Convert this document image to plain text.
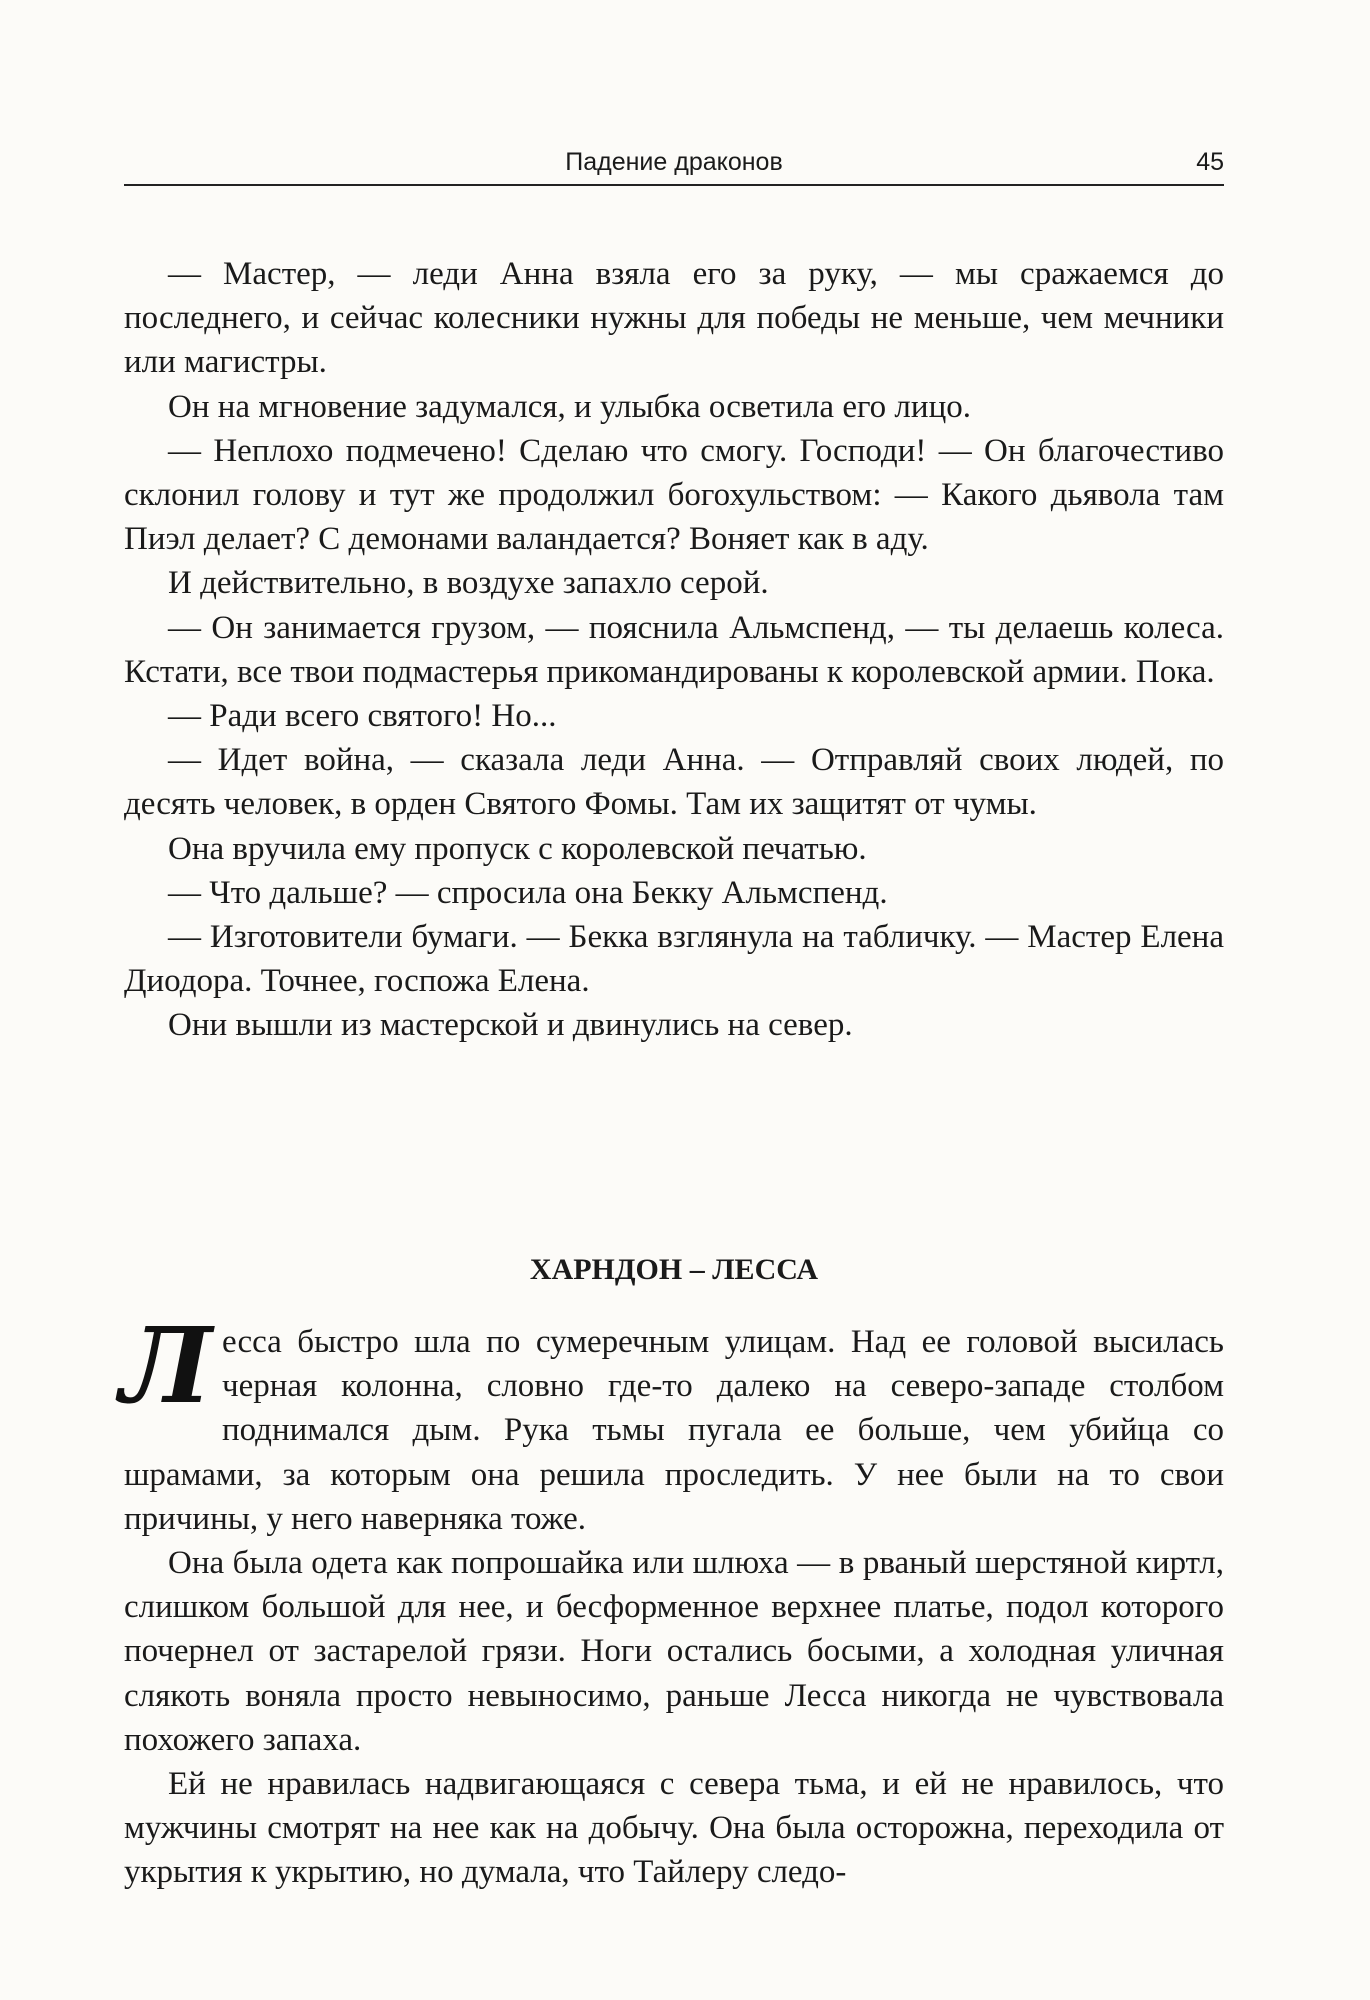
Падение драконов	45

— Мастер, — леди Анна взяла его за руку, — мы сражаемся до последнего, и сейчас колесники нужны для победы не меньше, чем мечники или магистры.

Он на мгновение задумался, и улыбка осветила его лицо.

— Неплохо подмечено! Сделаю что смогу. Господи! — Он благочестиво склонил голову и тут же продолжил богохульством: — Какого дьявола там Пиэл делает? С демонами валандается? Воняет как в аду.

И действительно, в воздухе запахло серой.

— Он занимается грузом, — пояснила Альмспенд, — ты делаешь колеса. Кстати, все твои подмастерья прикомандированы к королевской армии. Пока.

— Ради всего святого! Но...

— Идет война, — сказала леди Анна. — Отправляй своих людей, по десять человек, в орден Святого Фомы. Там их защитят от чумы.

Она вручила ему пропуск с королевской печатью.

— Что дальше? — спросила она Бекку Альмспенд.

— Изготовители бумаги. — Бекка взглянула на табличку. — Мастер Елена Диодора. Точнее, госпожа Елена.

Они вышли из мастерской и двинулись на север.

ХАРНДОН – ЛЕССА

Лесса быстро шла по сумеречным улицам. Над ее головой высилась черная колонна, словно где-то далеко на северо-западе столбом поднимался дым. Рука тьмы пугала ее больше, чем убийца со шрамами, за которым она решила проследить. У нее были на то свои причины, у него наверняка тоже.

Она была одета как попрошайка или шлюха — в рваный шерстяной киртл, слишком большой для нее, и бесформенное верхнее платье, подол которого почернел от застарелой грязи. Ноги остались босыми, а холодная уличная слякоть воняла просто невыносимо, раньше Лесса никогда не чувствовала похожего запаха.

Ей не нравилась надвигающаяся с севера тьма, и ей не нравилось, что мужчины смотрят на нее как на добычу. Она была осторожна, переходила от укрытия к укрытию, но думала, что Тайлеру следо-
